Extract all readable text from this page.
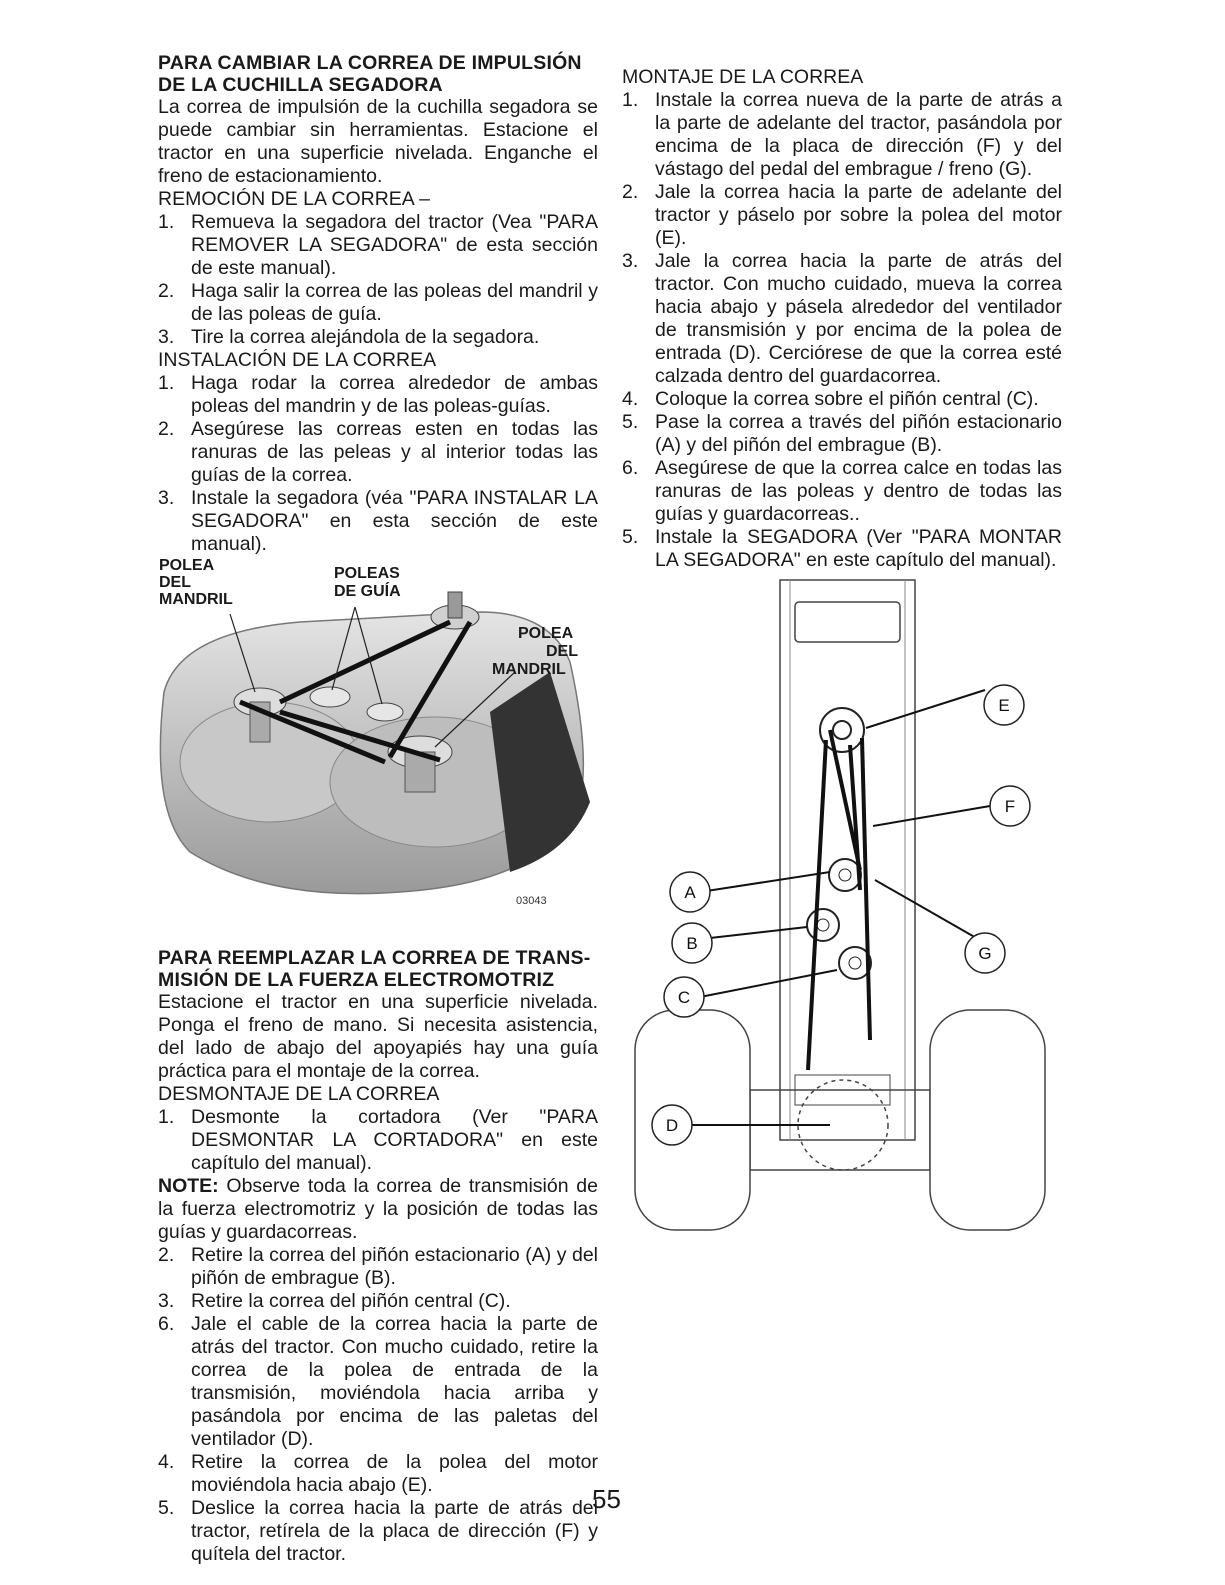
PARA CAMBIAR LA CORREA DE IMPULSIÓN
DE LA CUCHILLA SEGADORA

La correa de impulsión de la cuchilla segadora se puede cambiar sin herramientas. Estacione el tractor en una superficie nivelada. Enganche el freno de estacionamiento.

REMOCIÓN DE LA CORREA –

1. Remueva la segadora del tractor (Vea "PARA REMOVER LA SEGADORA" de esta sección de este manual).
2. Haga salir la correa de las poleas del mandril y de las poleas de guía.
3. Tire la correa alejándola de la segadora.

INSTALACIÓN DE LA CORREA

1. Haga rodar la correa alrededor de ambas poleas del mandrin y de las poleas-guías.
2. Asegúrese las correas esten en todas las ranuras de las peleas y al interior todas las guías de la correa.
3. Instale la segadora (véa "PARA INSTALAR LA SEGADORA" en esta sección de este manual).
POLEA DEL MANDRIL
POLEAS DE GUÍA
POLEA DEL MANDRIL
03043

PARA REEMPLAZAR LA CORREA DE TRANS-
MISIÓN DE LA FUERZA ELECTROMOTRIZ

Estacione el tractor en una superficie nivelada. Ponga el freno de mano. Si necesita asistencia, del lado de abajo del apoyapiés hay una guía práctica para el montaje de la correa.

DESMONTAJE DE LA CORREA

1. Desmonte la cortadora (Ver "PARA DESMONTAR LA CORTADORA" en este capítulo del manual).

NOTE: Observe toda la correa de transmisión de la fuerza electromotriz y la posición de todas las guías y guardacorreas.

2. Retire la correa del piñón estacionario (A) y del piñón de embrague (B).
3. Retire la correa del piñón central (C).
6. Jale el cable de la correa hacia la parte de atrás del tractor. Con mucho cuidado, retire la correa de la polea de entrada de la transmisión, moviéndola hacia arriba y pasándola por encima de las paletas del ventilador (D).
4. Retire la correa de la polea del motor moviéndola hacia abajo (E).
5. Deslice la correa hacia la parte de atrás del tractor, retírela de la placa de dirección (F) y quítela del tractor.

MONTAJE DE LA CORREA

1. Instale la correa nueva de la parte de atrás a la parte de adelante del tractor, pasándola por encima de la placa de dirección (F) y del vástago del pedal del embrague / freno (G).
2. Jale la correa hacia la parte de adelante del tractor y páselo por sobre la polea del motor (E).
3. Jale la correa hacia la parte de atrás del tractor. Con mucho cuidado, mueva la correa hacia abajo y pásela alrededor del ventilador de transmisión y por encima de la polea de entrada (D). Cerciórese de que la correa esté calzada dentro del guardacorrea.
4. Coloque la correa sobre el piñón central (C).
5. Pase la correa a través del piñón estacionario (A) y del piñón del embrague (B).
6. Asegúrese de que la correa calce en todas las ranuras de las poleas y dentro de todas las guías y guardacorreas..
5. Instale la SEGADORA (Ver "PARA MONTAR LA SEGADORA" en este capítulo del manual).
E
F
A
B
C
G
D
55
